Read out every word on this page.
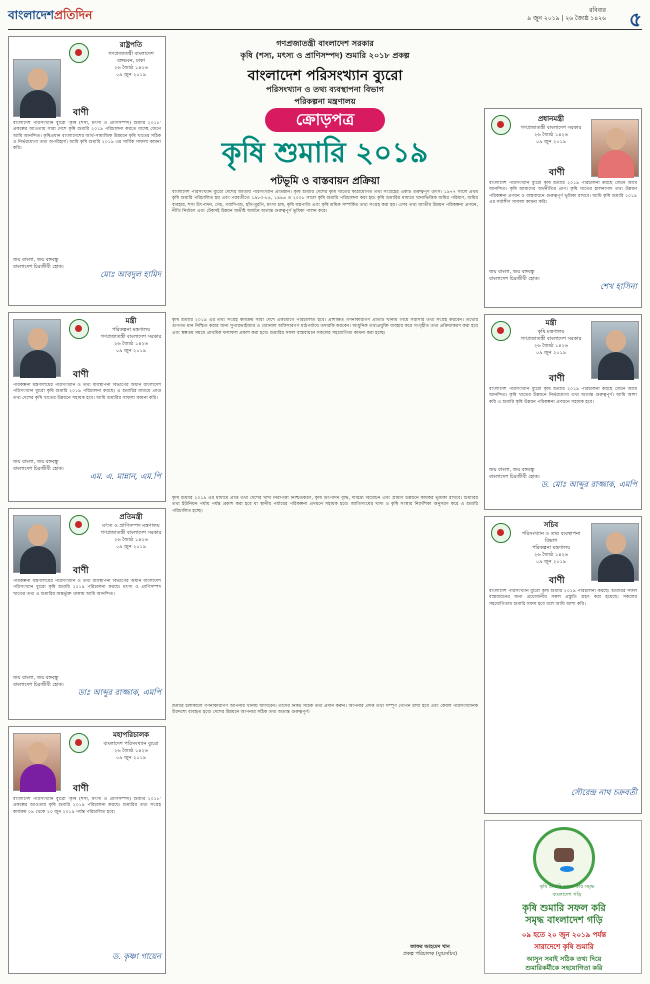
বাংলাদেশপ্রতিদিন	রবিবার
৯ জুন ২০১৯ | ২৬ জ্যৈষ্ঠ ১৪২৬ ৫
রাষ্ট্রপতি
গণপ্রজাতন্ত্রী বাংলাদেশ
বঙ্গভবন, ঢাকা
২৬ জ্যৈষ্ঠ ১৪২৬
০৯ জুন ২০১৯
বাণী
বাংলাদেশ পরিসংখ্যান ব্যুরো 'কৃষি (শস্য, মৎস্য ও প্রাণিসম্পদ) শুমারি ২০১৮' প্রকল্পের আওতায় সারা দেশে কৃষি শুমারি ২০১৯ পরিচালনা করতে যাচ্ছে জেনে আমি আনন্দিত। কৃষিপ্রধান বাংলাদেশের আর্থ-সামাজিক উন্নয়নে কৃষি খাতের সঠিক ও নির্ভরযোগ্য তথ্য অপরিহার্য। আমি কৃষি শুমারি ২০১৯ এর সার্বিক সাফল্য কামনা করি।
জয় বাংলা, জয় বঙ্গবন্ধু
বাংলাদেশ চিরজীবী হোক।
মোঃ আবদুল হামিদ
মন্ত্রী
পরিকল্পনা মন্ত্রণালয়
গণপ্রজাতন্ত্রী বাংলাদেশ সরকার
২৬ জ্যৈষ্ঠ ১৪২৬
০৯ জুন ২০১৯
বাণী
পরিকল্পনা মন্ত্রণালয়ের পরিসংখ্যান ও তথ্য ব্যবস্থাপনা বিভাগের অধীন বাংলাদেশ পরিসংখ্যান ব্যুরো কৃষি শুমারি ২০১৯ পরিচালনা করছে। এ শুমারির মাধ্যমে প্রাপ্ত তথ্য দেশের কৃষি খাতের উন্নয়নে সহায়ক হবে। আমি শুমারির সাফল্য কামনা করি।
জয় বাংলা, জয় বঙ্গবন্ধু
বাংলাদেশ চিরজীবী হোক।
এম. এ. মান্নান, এম.পি
প্রতিমন্ত্রী
মৎস্য ও প্রাণিসম্পদ মন্ত্রণালয়
গণপ্রজাতন্ত্রী বাংলাদেশ সরকার
২৬ জ্যৈষ্ঠ ১৪২৬
০৯ জুন ২০১৯
বাণী
পরিকল্পনা মন্ত্রণালয়ের পরিসংখ্যান ও তথ্য ব্যবস্থাপনা বিভাগের অধীন বাংলাদেশ পরিসংখ্যান ব্যুরো কৃষি শুমারি ২০১৯ পরিচালনা করছে। মৎস্য ও প্রাণিসম্পদ খাতের তথ্য এ শুমারির অন্তর্ভুক্ত থাকায় আমি আনন্দিত।
জয় বাংলা, জয় বঙ্গবন্ধু
বাংলাদেশ চিরজীবী হোক।
ডাঃ আব্দুর রাজ্জাক, এমপি
মহাপরিচালক
বাংলাদেশ পরিসংখ্যান ব্যুরো
২৬ জ্যৈষ্ঠ ১৪২৬
০৯ জুন ২০১৯
বাণী
বাংলাদেশ পরিসংখ্যান ব্যুরো 'কৃষি (শস্য, মৎস্য ও প্রাণিসম্পদ) শুমারি ২০১৮' প্রকল্পের আওতায় কৃষি শুমারি ২০১৯ পরিচালনা করছে। শুমারির তথ্য সংগ্রহ কার্যক্রম ০৯ থেকে ২০ জুন ২০১৯ পর্যন্ত পরিচালিত হবে।
ড. কৃষ্ণা গায়েন
গণপ্রজাতন্ত্রী বাংলাদেশ সরকার
কৃষি (শস্য, মৎস্য ও প্রাণিসম্পদ) শুমারি ২০১৮ প্রকল্প
বাংলাদেশ পরিসংখ্যান ব্যুরো
পরিসংখ্যান ও তথ্য ব্যবস্থাপনা বিভাগ
পরিকল্পনা মন্ত্রণালয়
ক্রোড়পত্র
কৃষি শুমারি ২০১৯
পটভূমি ও বাস্তবায়ন প্রক্রিয়া
বাংলাদেশ পরিসংখ্যান ব্যুরো দেশের জাতীয় পরিসংখ্যান প্রতিষ্ঠান। কৃষি শুমারি দেশের কৃষি খাতের কাঠামোগত তথ্য সংগ্রহের একটি গুরুত্বপূর্ণ উৎস। ১৯৭৭ সালে প্রথম কৃষি শুমারি পরিচালিত হয় এবং পরবর্তীতে ১৯৮৩-৮৪, ১৯৯৬ ও ২০০৮ সালে কৃষি শুমারি পরিচালনা করা হয়। কৃষি শুমারির মাধ্যমে খানাভিত্তিক জমির পরিমাণ, জমির ব্যবহার, শস্য উৎপাদন, সেচ, গবাদিপশু, হাঁস-মুরগি, মৎস্য চাষ, কৃষি যন্ত্রপাতি এবং কৃষি শ্রমিক সম্পর্কিত তথ্য সংগ্রহ করা হয়। এসব তথ্য জাতীয় উন্নয়ন পরিকল্পনা প্রণয়ন, নীতি নির্ধারণ এবং টেকসই উন্নয়ন অভীষ্ট অর্জনে অত্যন্ত গুরুত্বপূর্ণ ভূমিকা পালন করে।
কৃষি শুমারি ২০১৯ এর তথ্য সংগ্রহ কার্যক্রম সারা দেশে একযোগে পরিচালিত হবে। প্রশিক্ষিত গণনাকারীগণ প্রতিটি খানায় গিয়ে সরাসরি তথ্য সংগ্রহ করবেন। তথ্যের গুণগত মান নিশ্চিত করার জন্য সুপারভাইজার ও জোনাল অফিসারগণ মাঠপর্যায়ে তদারকি করবেন। আধুনিক তথ্যপ্রযুক্তি ব্যবহার করে সংগৃহীত তথ্য প্রক্রিয়াকরণ করা হবে এবং স্বল্পতম সময়ে প্রাথমিক ফলাফল প্রকাশ করা হবে। শুমারির সফল বাস্তবায়নে সকলের সহযোগিতা কামনা করা হচ্ছে।
কৃষি শুমারি ২০১৯ এর মাধ্যমে প্রাপ্ত তথ্য দেশের খাদ্য নিরাপত্তা নিশ্চিতকরণ, কৃষি উৎপাদন বৃদ্ধি, দারিদ্র্য বিমোচন এবং গ্রামীণ উন্নয়নে কার্যকর ভূমিকা রাখবে। শুমারির তথ্য ইউনিয়ন পর্যায় পর্যন্ত প্রকাশ করা হবে যা স্থানীয় পর্যায়ের পরিকল্পনা প্রণয়নে সহায়ক হবে। জাতিসংঘের খাদ্য ও কৃষি সংস্থার নির্দেশিকা অনুসরণ করে এ শুমারি পরিচালিত হচ্ছে।
শুমারি চলাকালে গণনাকারীগণ আপনার খানায় আসবেন। তাঁদের নিকট সঠিক তথ্য প্রদান করুন। আপনার প্রদত্ত তথ্য সম্পূর্ণ গোপন রাখা হবে এবং কেবল পরিসংখ্যানিক উদ্দেশ্যে ব্যবহৃত হবে। দেশের উন্নয়নে আপনার সঠিক তথ্য অত্যন্ত গুরুত্বপূর্ণ।
জাফর আহমেদ খান
প্রকল্প পরিচালক (যুগ্মসচিব)
প্রধানমন্ত্রী
গণপ্রজাতন্ত্রী বাংলাদেশ সরকার
২৬ জ্যৈষ্ঠ ১৪২৬
০৯ জুন ২০১৯
বাণী
বাংলাদেশ পরিসংখ্যান ব্যুরো কৃষি শুমারি ২০১৯ পরিচালনা করছে জেনে আমি আনন্দিত। কৃষি আমাদের অর্থনীতির প্রাণ। কৃষি খাতের হালনাগাদ তথ্য উন্নয়ন পরিকল্পনা প্রণয়ন ও বাস্তবায়নে গুরুত্বপূর্ণ ভূমিকা রাখবে। আমি কৃষি শুমারি ২০১৯ এর সর্বাঙ্গীণ সাফল্য কামনা করি।
জয় বাংলা, জয় বঙ্গবন্ধু
বাংলাদেশ চিরজীবী হোক।
শেখ হাসিনা
মন্ত্রী
কৃষি মন্ত্রণালয়
গণপ্রজাতন্ত্রী বাংলাদেশ সরকার
২৬ জ্যৈষ্ঠ ১৪২৬
০৯ জুন ২০১৯
বাণী
বাংলাদেশ পরিসংখ্যান ব্যুরো কৃষি শুমারি ২০১৯ পরিচালনা করছে জেনে আমি আনন্দিত। কৃষি খাতের উন্নয়নে নির্ভরযোগ্য তথ্য অত্যন্ত গুরুত্বপূর্ণ। আমি আশা করি এ শুমারি কৃষি উন্নয়ন পরিকল্পনা প্রণয়নে সহায়ক হবে।
জয় বাংলা, জয় বঙ্গবন্ধু
বাংলাদেশ চিরজীবী হোক।
ড. মোঃ আব্দুর রাজ্জাক, এমপি
সচিব
পরিসংখ্যান ও তথ্য ব্যবস্থাপনা বিভাগ
পরিকল্পনা মন্ত্রণালয়
২৬ জ্যৈষ্ঠ ১৪২৬
০৯ জুন ২০১৯
বাণী
বাংলাদেশ পরিসংখ্যান ব্যুরো কৃষি শুমারি ২০১৯ পরিচালনা করছে। শুমারির সফল বাস্তবায়নের জন্য প্রয়োজনীয় সকল প্রস্তুতি গ্রহণ করা হয়েছে। সকলের সহযোগিতায় শুমারি সফল হবে বলে আমি আশা করি।
সৌরেন্দ্র নাথ চক্রবর্তী
কৃষি শুমারি সফল করি সমৃদ্ধ বাংলাদেশ গড়ি
কৃষি শুমারি সফল করি
সমৃদ্ধ বাংলাদেশ গড়ি
০৯ হতে ২০ জুন ২০১৯ পর্যন্ত
সারাদেশে কৃষি শুমারি
আসুন সবাই সঠিক তথ্য দিয়ে
শুমারিকর্মীকে সহযোগিতা করি
